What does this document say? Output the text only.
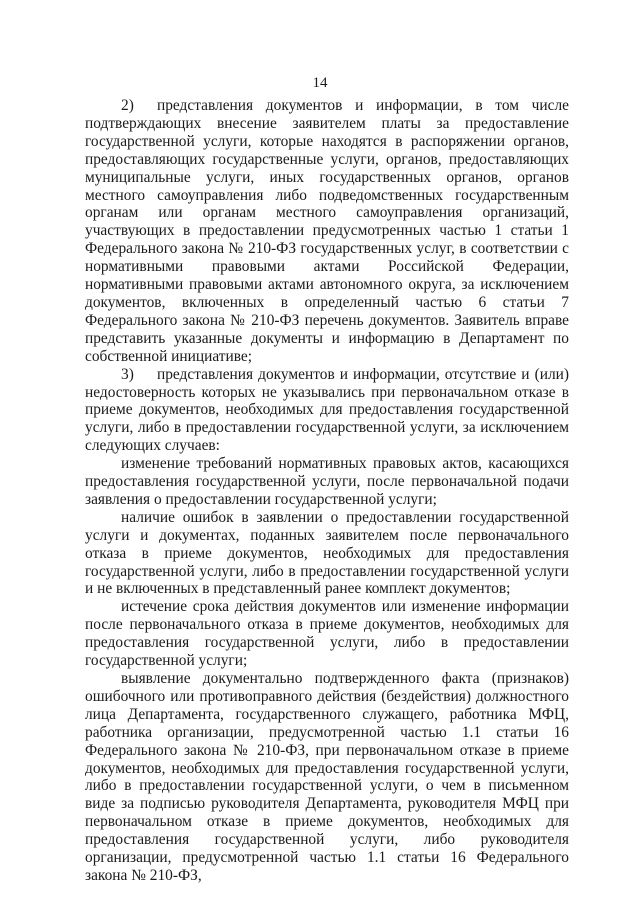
14

2) представления документов и информации, в том числе подтверждающих внесение заявителем платы за предоставление государственной услуги, которые находятся в распоряжении органов, предоставляющих государственные услуги, органов, предоставляющих муниципальные услуги, иных государственных органов, органов местного самоуправления либо подведомственных государственным органам или органам местного самоуправления организаций, участвующих в предоставлении предусмотренных частью 1 статьи 1 Федерального закона № 210-ФЗ государственных услуг, в соответствии с нормативными правовыми актами Российской Федерации, нормативными правовыми актами автономного округа, за исключением документов, включенных в определенный частью 6 статьи 7 Федерального закона № 210-ФЗ перечень документов. Заявитель вправе представить указанные документы и информацию в Департамент по собственной инициативе;

3) представления документов и информации, отсутствие и (или) недостоверность которых не указывались при первоначальном отказе в приеме документов, необходимых для предоставления государственной услуги, либо в предоставлении государственной услуги, за исключением следующих случаев:

изменение требований нормативных правовых актов, касающихся предоставления государственной услуги, после первоначальной подачи заявления о предоставлении государственной услуги;

наличие ошибок в заявлении о предоставлении государственной услуги и документах, поданных заявителем после первоначального отказа в приеме документов, необходимых для предоставления государственной услуги, либо в предоставлении государственной услуги и не включенных в представленный ранее комплект документов;

истечение срока действия документов или изменение информации после первоначального отказа в приеме документов, необходимых для предоставления государственной услуги, либо в предоставлении государственной услуги;

выявление документально подтвержденного факта (признаков) ошибочного или противоправного действия (бездействия) должностного лица Департамента, государственного служащего, работника МФЦ, работника организации, предусмотренной частью 1.1 статьи 16 Федерального закона № 210-ФЗ, при первоначальном отказе в приеме документов, необходимых для предоставления государственной услуги, либо в предоставлении государственной услуги, о чем в письменном виде за подписью руководителя Департамента, руководителя МФЦ при первоначальном отказе в приеме документов, необходимых для предоставления государственной услуги, либо руководителя организации, предусмотренной частью 1.1 статьи 16 Федерального закона № 210-ФЗ,
